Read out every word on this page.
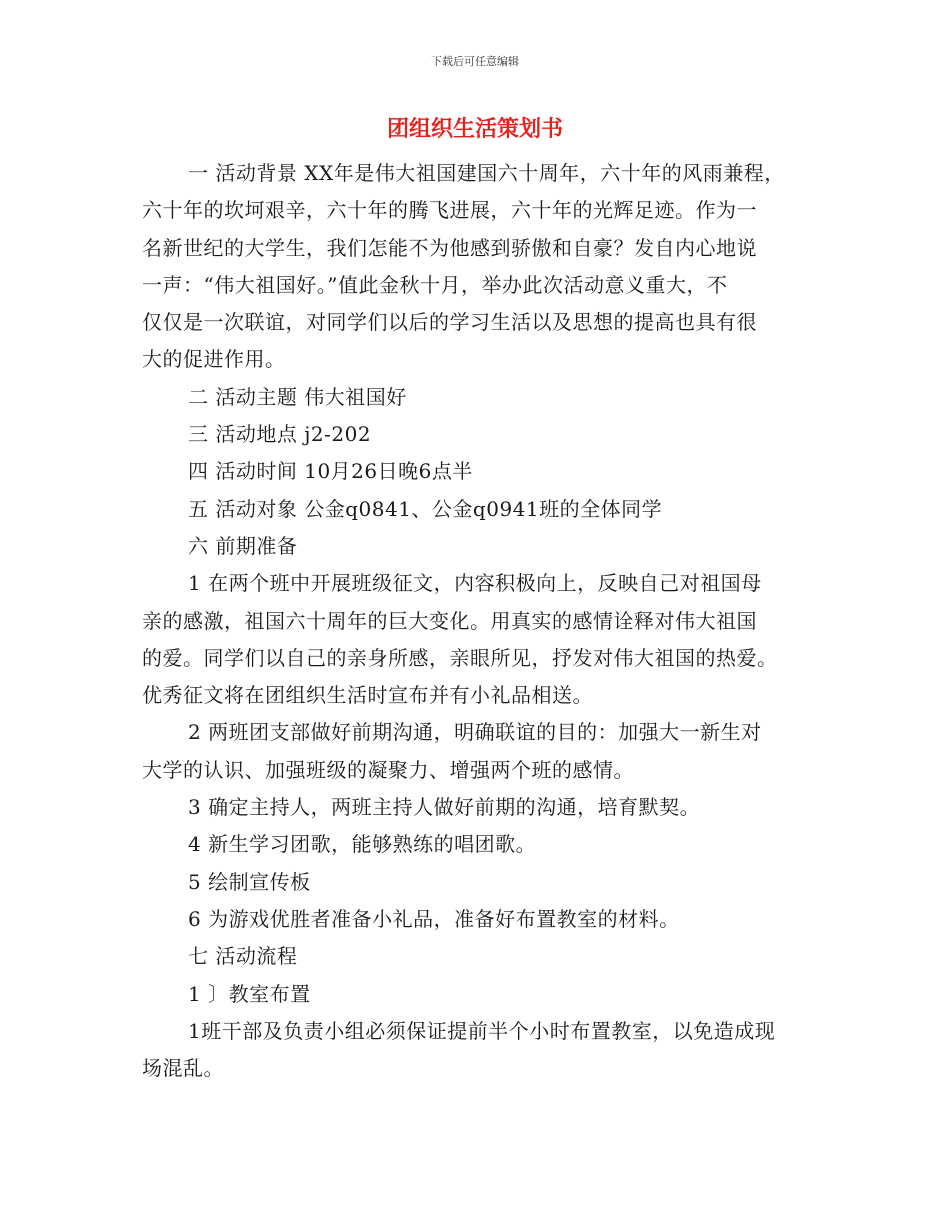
下载后可任意编辑
团组织生活策划书
一 活动背景 XX年是伟大祖国建国六十周年，六十年的风雨兼程，
六十年的坎坷艰辛，六十年的腾飞进展，六十年的光辉足迹。作为一
名新世纪的大学生，我们怎能不为他感到骄傲和自豪？发自内心地说
一声：“伟大祖国好。”值此金秋十月，举办此次活动意义重大，不
仅仅是一次联谊，对同学们以后的学习生活以及思想的提高也具有很
大的促进作用。
二 活动主题 伟大祖国好
三 活动地点 j2-202
四 活动时间 10月26日晚6点半
五 活动对象 公金q0841、公金q0941班的全体同学
六 前期准备
1 在两个班中开展班级征文，内容积极向上，反映自己对祖国母
亲的感激，祖国六十周年的巨大变化。用真实的感情诠释对伟大祖国
的爱。同学们以自己的亲身所感，亲眼所见，抒发对伟大祖国的热爱。
优秀征文将在团组织生活时宣布并有小礼品相送。
2 两班团支部做好前期沟通，明确联谊的目的：加强大一新生对
大学的认识、加强班级的凝聚力、增强两个班的感情。
3 确定主持人，两班主持人做好前期的沟通，培育默契。
4 新生学习团歌，能够熟练的唱团歌。
5 绘制宣传板
6 为游戏优胜者准备小礼品，准备好布置教室的材料。
七 活动流程
1 〕教室布置
1班干部及负责小组必须保证提前半个小时布置教室，以免造成现
场混乱。
